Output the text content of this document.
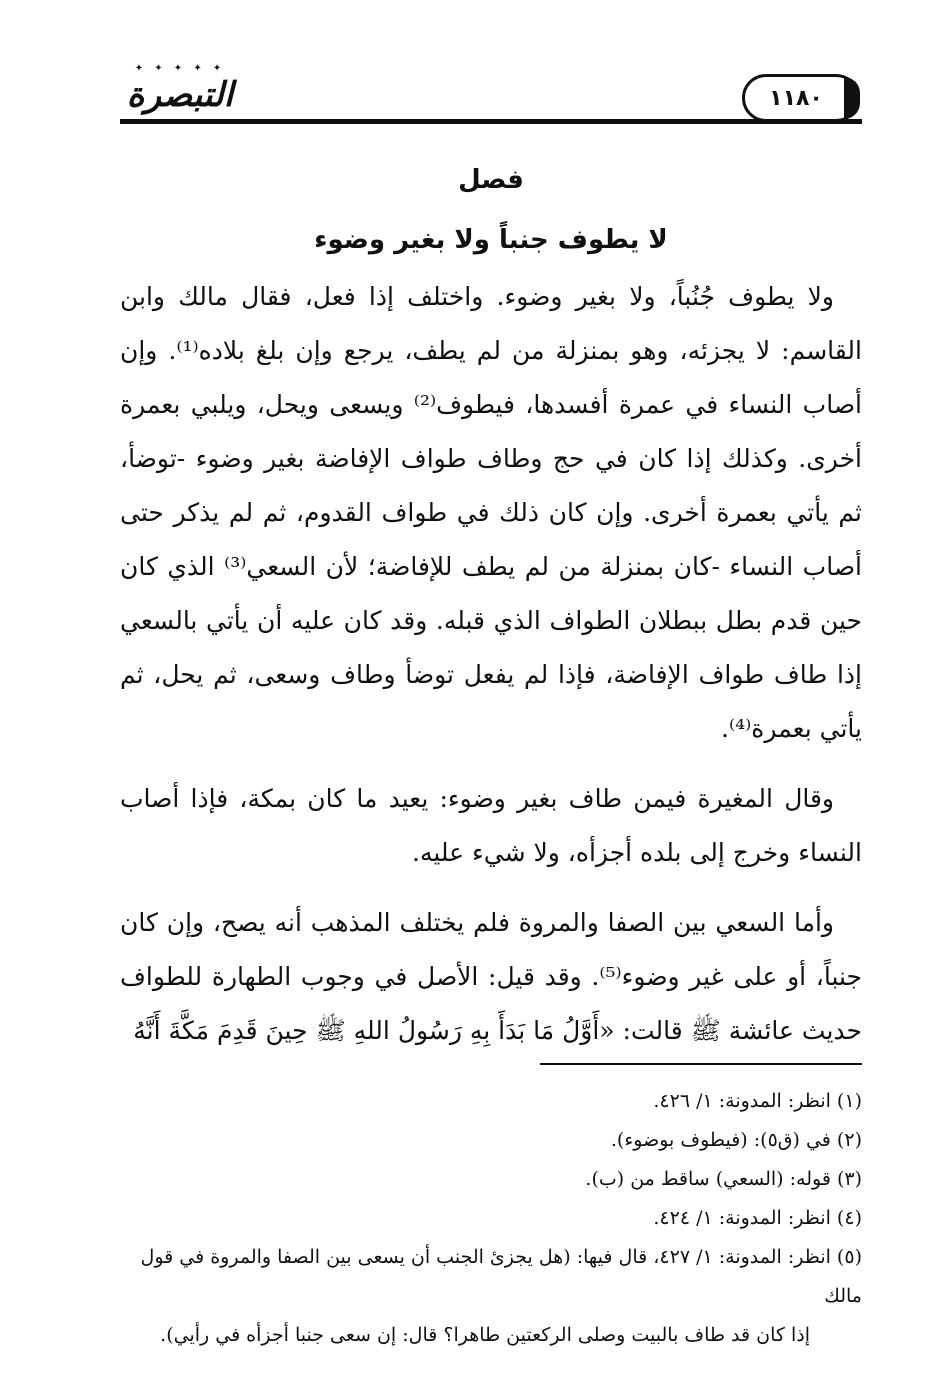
١١٨٠
✦ ✦ ✦ ✦ ✦
التبصرة
فصل
لا يطوف جنباً ولا بغير وضوء

ولا يطوف جُنُباً، ولا بغير وضوء. واختلف إذا فعل، فقال مالك وابن القاسم: لا يجزئه، وهو بمنزلة من لم يطف، يرجع وإن بلغ بلاده⁽¹⁾. وإن أصاب النساء في عمرة أفسدها، فيطوف⁽²⁾ ويسعى ويحل، ويلبي بعمرة أخرى. وكذلك إذا كان في حج وطاف طواف الإفاضة بغير وضوء -توضأ، ثم يأتي بعمرة أخرى. وإن كان ذلك في طواف القدوم، ثم لم يذكر حتى أصاب النساء -كان بمنزلة من لم يطف للإفاضة؛ لأن السعي⁽³⁾ الذي كان حين قدم بطل ببطلان الطواف الذي قبله. وقد كان عليه أن يأتي بالسعي إذا طاف طواف الإفاضة، فإذا لم يفعل توضأ وطاف وسعى، ثم يحل، ثم يأتي بعمرة⁽⁴⁾.

وقال المغيرة فيمن طاف بغير وضوء: يعيد ما كان بمكة، فإذا أصاب النساء وخرج إلى بلده أجزأه، ولا شيء عليه.

وأما السعي بين الصفا والمروة فلم يختلف المذهب أنه يصح، وإن كان جنباً، أو على غير وضوء⁽⁵⁾. وقد قيل: الأصل في وجوب الطهارة للطواف حديث عائشة ﷺ قالت: «أَوَّلُ مَا بَدَأَ بِهِ رَسُولُ اللهِ ﷺ حِينَ قَدِمَ مَكَّةَ أَنَّهُ

(١) انظر: المدونة: ١/ ٤٢٦.

(٢) في (ق٥): (فيطوف بوضوء).

(٣) قوله: (السعي) ساقط من (ب).

(٤) انظر: المدونة: ١/ ٤٢٤.

(٥) انظر: المدونة: ١/ ٤٢٧، قال فيها: (هل يجزئ الجنب أن يسعى بين الصفا والمروة في قول مالك

إذا كان قد طاف بالبيت وصلى الركعتين طاهرا؟ قال: إن سعى جنبا أجزأه في رأيي).
